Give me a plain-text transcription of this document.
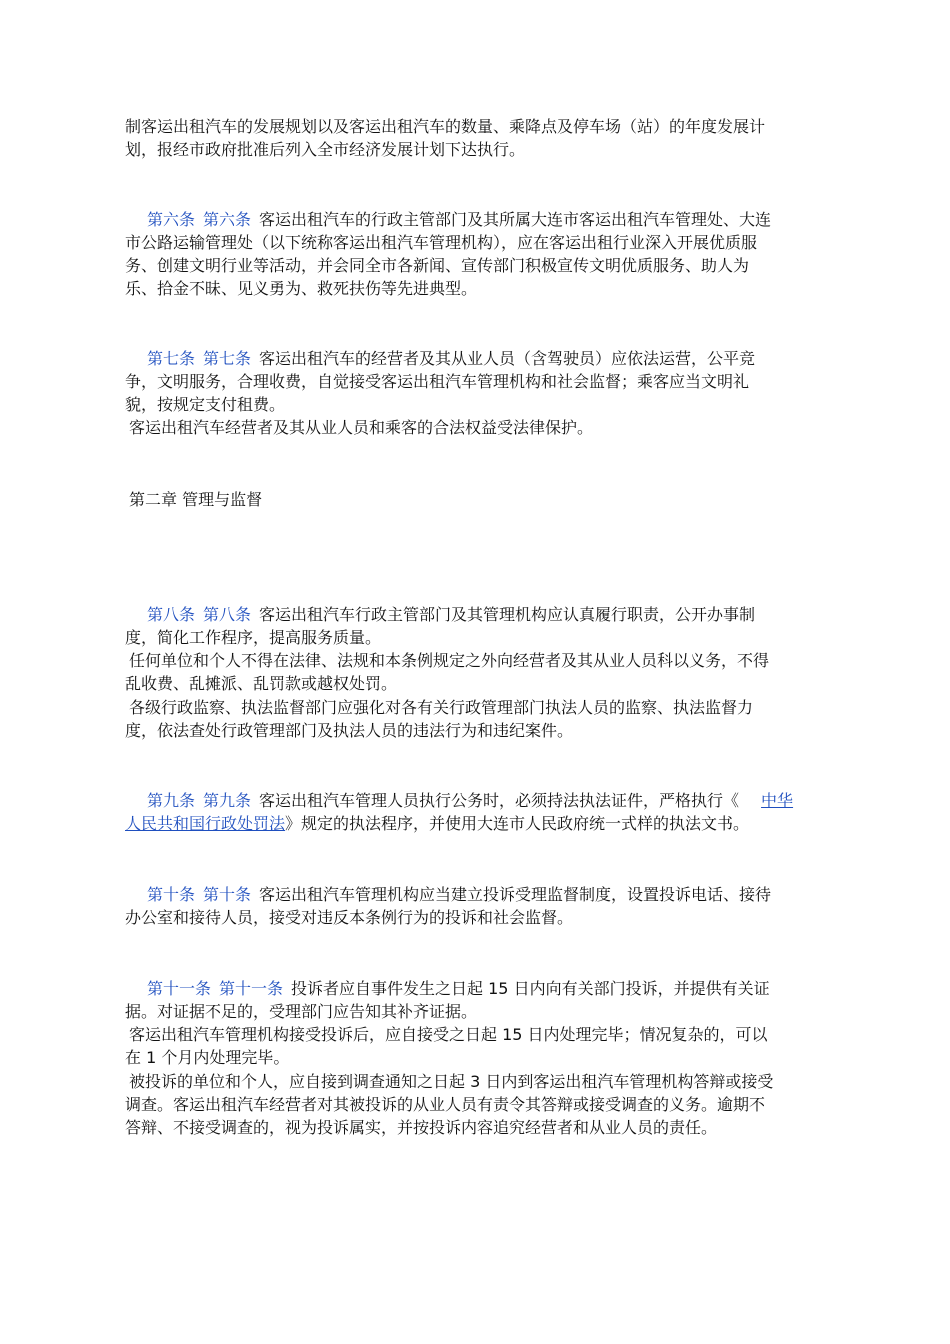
制客运出租汽车的发展规划以及客运出租汽车的数量、乘降点及停车场（站）的年度发展计
划，报经市政府批准后列入全市经济发展计划下达执行。
第六条 第六条 客运出租汽车的行政主管部门及其所属大连市客运出租汽车管理处、大连
市公路运输管理处（以下统称客运出租汽车管理机构），应在客运出租行业深入开展优质服
务、创建文明行业等活动，并会同全市各新闻、宣传部门积极宣传文明优质服务、助人为
乐、拾金不昧、见义勇为、救死扶伤等先进典型。
第七条 第七条 客运出租汽车的经营者及其从业人员（含驾驶员）应依法运营，公平竞
争，文明服务，合理收费，自觉接受客运出租汽车管理机构和社会监督；乘客应当文明礼
貌，按规定支付租费。
客运出租汽车经营者及其从业人员和乘客的合法权益受法律保护。
第二章 管理与监督
第八条 第八条 客运出租汽车行政主管部门及其管理机构应认真履行职责，公开办事制
度，简化工作程序，提高服务质量。
任何单位和个人不得在法律、法规和本条例规定之外向经营者及其从业人员科以义务，不得
乱收费、乱摊派、乱罚款或越权处罚。
各级行政监察、执法监督部门应强化对各有关行政管理部门执法人员的监察、执法监督力
度，依法查处行政管理部门及执法人员的违法行为和违纪案件。
第九条 第九条 客运出租汽车管理人员执行公务时，必须持法执法证件，严格执行《 中华
人民共和国行政处罚法》规定的执法程序，并使用大连市人民政府统一式样的执法文书。
第十条 第十条 客运出租汽车管理机构应当建立投诉受理监督制度，设置投诉电话、接待
办公室和接待人员，接受对违反本条例行为的投诉和社会监督。
第十一条 第十一条 投诉者应自事件发生之日起 15 日内向有关部门投诉，并提供有关证
据。对证据不足的，受理部门应告知其补齐证据。
客运出租汽车管理机构接受投诉后，应自接受之日起 15 日内处理完毕；情况复杂的，可以
在 1 个月内处理完毕。
被投诉的单位和个人，应自接到调查通知之日起 3 日内到客运出租汽车管理机构答辩或接受
调查。客运出租汽车经营者对其被投诉的从业人员有责令其答辩或接受调查的义务。逾期不
答辩、不接受调查的，视为投诉属实，并按投诉内容追究经营者和从业人员的责任。
